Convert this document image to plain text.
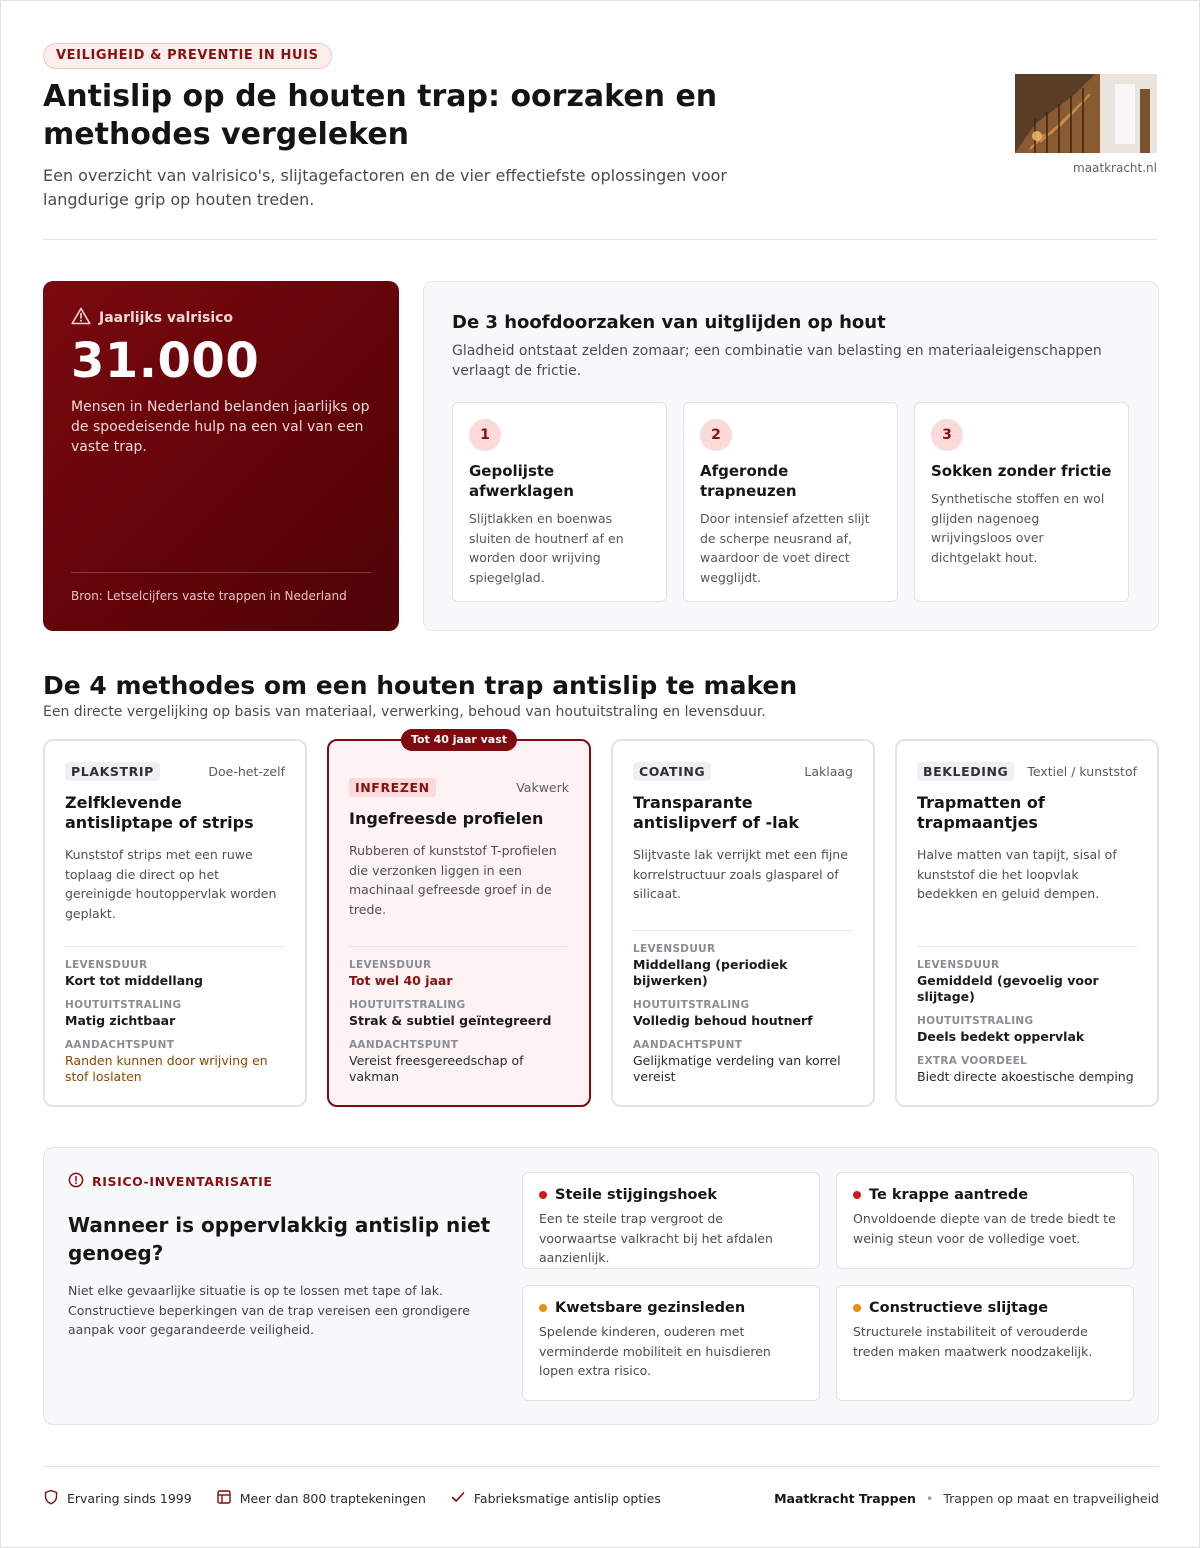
VEILIGHEID & PREVENTIE IN HUIS
Antislip op de houten trap: oorzaken en methodes vergeleken

Een overzicht van valrisico's, slijtagefactoren en de vier effectiefste oplossingen voor langdurige grip op houten treden.

maatkracht.nl
Jaarlijks valrisico
31.000
Mensen in Nederland belanden jaarlijks op de spoedeisende hulp na een val van een vaste trap.
Bron: Letselcijfers vaste trappen in Nederland
De 3 hoofdoorzaken van uitglijden op hout

Gladheid ontstaat zelden zomaar; een combinatie van belasting en materiaaleigenschappen verlaagt de frictie.

1
Gepolijste afwerklagen
Slijtlakken en boenwas sluiten de houtnerf af en worden door wrijving spiegelglad.
2
Afgeronde trapneuzen
Door intensief afzetten slijt de scherpe neusrand af, waardoor de voet direct wegglijdt.
3
Sokken zonder frictie
Synthetische stoffen en wol glijden nagenoeg wrijvingsloos over dichtgelakt hout.
De 4 methodes om een houten trap antislip te maken

Een directe vergelijking op basis van materiaal, verwerking, behoud van houtuitstraling en levensduur.

PLAKSTRIP	Doe-het-zelf
Zelfklevende antisliptape of strips
Kunststof strips met een ruwe toplaag die direct op het gereinigde houtoppervlak worden geplakt.
LEVENSDUUR
Kort tot middellang
HOUTUITSTRALING
Matig zichtbaar
AANDACHTSPUNT
Randen kunnen door wrijving en stof loslaten
Tot 40 jaar vast
INFREZEN	Vakwerk
Ingefreesde profielen
Rubberen of kunststof T-profielen die verzonken liggen in een machinaal gefreesde groef in de trede.
LEVENSDUUR
Tot wel 40 jaar
HOUTUITSTRALING
Strak & subtiel geïntegreerd
AANDACHTSPUNT
Vereist freesgereedschap of vakman
COATING	Laklaag
Transparante antislipverf of -lak
Slijtvaste lak verrijkt met een fijne korrelstructuur zoals glasparel of silicaat.
LEVENSDUUR
Middellang (periodiek bijwerken)
HOUTUITSTRALING
Volledig behoud houtnerf
AANDACHTSPUNT
Gelijkmatige verdeling van korrel vereist
BEKLEDING	Textiel / kunststof
Trapmatten of trapmaantjes
Halve matten van tapijt, sisal of kunststof die het loopvlak bedekken en geluid dempen.
LEVENSDUUR
Gemiddeld (gevoelig voor slijtage)
HOUTUITSTRALING
Deels bedekt oppervlak
EXTRA VOORDEEL
Biedt directe akoestische demping
RISICO-INVENTARISATIE
Wanneer is oppervlakkig antislip niet genoeg?

Niet elke gevaarlijke situatie is op te lossen met tape of lak. Constructieve beperkingen van de trap vereisen een grondigere aanpak voor gegarandeerde veiligheid.

Steile stijgingshoek
Een te steile trap vergroot de voorwaartse valkracht bij het afdalen aanzienlijk.
Te krappe aantrede
Onvoldoende diepte van de trede biedt te weinig steun voor de volledige voet.
Kwetsbare gezinsleden
Spelende kinderen, ouderen met verminderde mobiliteit en huisdieren lopen extra risico.
Constructieve slijtage
Structurele instabiliteit of verouderde treden maken maatwerk noodzakelijk.
Ervaring sinds 1999	Meer dan 800 traptekeningen	Fabrieksmatige antislip opties	Maatkracht Trappen • Trappen op maat en trapveiligheid
